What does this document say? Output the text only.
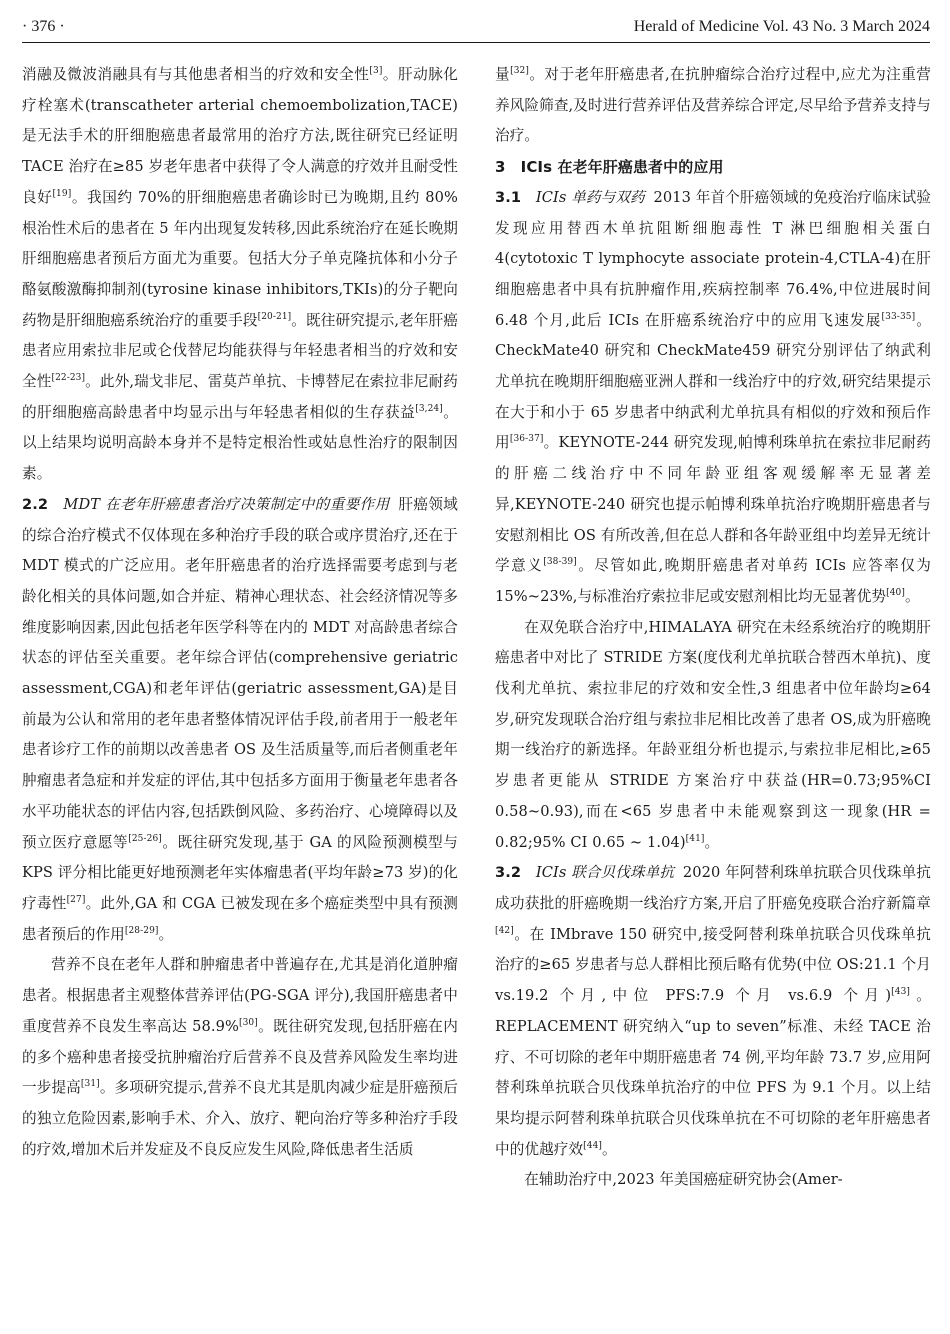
· 376 ·	Herald of Medicine Vol. 43 No. 3 March 2024

消融及微波消融具有与其他患者相当的疗效和安全性[3]。肝动脉化疗栓塞术(transcatheter arterial chemoembolization,TACE)是无法手术的肝细胞癌患者最常用的治疗方法,既往研究已经证明 TACE 治疗在≥85 岁老年患者中获得了令人满意的疗效并且耐受性良好[19]。我国约 70%的肝细胞癌患者确诊时已为晚期,且约 80%根治性术后的患者在 5 年内出现复发转移,因此系统治疗在延长晚期肝细胞癌患者预后方面尤为重要。包括大分子单克隆抗体和小分子酪氨酸激酶抑制剂(tyrosine kinase inhibitors,TKIs)的分子靶向药物是肝细胞癌系统治疗的重要手段[20-21]。既往研究提示,老年肝癌患者应用索拉非尼或仑伐替尼均能获得与年轻患者相当的疗效和安全性[22-23]。此外,瑞戈非尼、雷莫芦单抗、卡博替尼在索拉非尼耐药的肝细胞癌高龄患者中均显示出与年轻患者相似的生存获益[3,24]。以上结果均说明高龄本身并不是特定根治性或姑息性治疗的限制因素。

2.2　 MDT 在老年肝癌患者治疗决策制定中的重要作用 肝癌领域的综合治疗模式不仅体现在多种治疗手段的联合或序贯治疗,还在于 MDT 模式的广泛应用。老年肝癌患者的治疗选择需要考虑到与老龄化相关的具体问题,如合并症、精神心理状态、社会经济情况等多维度影响因素,因此包括老年医学科等在内的 MDT 对高龄患者综合状态的评估至关重要。老年综合评估(comprehensive geriatric assessment,CGA)和老年评估(geriatric assessment,GA)是目前最为公认和常用的老年患者整体情况评估手段,前者用于一般老年患者诊疗工作的前期以改善患者 OS 及生活质量等,而后者侧重老年肿瘤患者急症和并发症的评估,其中包括多方面用于衡量老年患者各水平功能状态的评估内容,包括跌倒风险、多药治疗、心境障碍以及预立医疗意愿等[25-26]。既往研究发现,基于 GA 的风险预测模型与 KPS 评分相比能更好地预测老年实体瘤患者(平均年龄≥73 岁)的化疗毒性[27]。此外,GA 和 CGA 已被发现在多个癌症类型中具有预测患者预后的作用[28-29]。

营养不良在老年人群和肿瘤患者中普遍存在,尤其是消化道肿瘤患者。根据患者主观整体营养评估(PG-SGA 评分),我国肝癌患者中重度营养不良发生率高达 58.9%[30]。既往研究发现,包括肝癌在内的多个癌种患者接受抗肿瘤治疗后营养不良及营养风险发生率均进一步提高[31]。多项研究提示,营养不良尤其是肌肉减少症是肝癌预后的独立危险因素,影响手术、介入、放疗、靶向治疗等多种治疗手段的疗效,增加术后并发症及不良反应发生风险,降低患者生活质

量[32]。对于老年肝癌患者,在抗肿瘤综合治疗过程中,应尤为注重营养风险筛查,及时进行营养评估及营养综合评定,尽早给予营养支持与治疗。

3　ICIs 在老年肝癌患者中的应用

3.1　 ICIs 单药与双药 2013 年首个肝癌领域的免疫治疗临床试验发现应用替西木单抗阻断细胞毒性 T 淋巴细胞相关蛋白 4(cytotoxic T lymphocyte associate protein-4,CTLA-4)在肝细胞癌患者中具有抗肿瘤作用,疾病控制率 76.4%,中位进展时间 6.48 个月,此后 ICIs 在肝癌系统治疗中的应用飞速发展[33-35]。CheckMate40 研究和 CheckMate459 研究分别评估了纳武利尤单抗在晚期肝细胞癌亚洲人群和一线治疗中的疗效,研究结果提示在大于和小于 65 岁患者中纳武利尤单抗具有相似的疗效和预后作用[36-37]。KEYNOTE-244 研究发现,帕博利珠单抗在索拉非尼耐药的肝癌二线治疗中不同年龄亚组客观缓解率无显著差异,KEYNOTE-240 研究也提示帕博利珠单抗治疗晚期肝癌患者与安慰剂相比 OS 有所改善,但在总人群和各年龄亚组中均差异无统计学意义[38-39]。尽管如此,晚期肝癌患者对单药 ICIs 应答率仅为 15%~23%,与标准治疗索拉非尼或安慰剂相比均无显著优势[40]。

在双免联合治疗中,HIMALAYA 研究在未经系统治疗的晚期肝癌患者中对比了 STRIDE 方案(度伐利尤单抗联合替西木单抗)、度伐利尤单抗、索拉非尼的疗效和安全性,3 组患者中位年龄均≥64 岁,研究发现联合治疗组与索拉非尼相比改善了患者 OS,成为肝癌晚期一线治疗的新选择。年龄亚组分析也提示,与索拉非尼相比,≥65 岁患者更能从 STRIDE 方案治疗中获益(HR=0.73;95%CI 0.58~0.93),而在<65 岁患者中未能观察到这一现象(HR = 0.82;95% CI 0.65 ~ 1.04)[41]。

3.2　 ICIs 联合贝伐珠单抗 2020 年阿替利珠单抗联合贝伐珠单抗成功获批的肝癌晚期一线治疗方案,开启了肝癌免疫联合治疗新篇章[42]。在 IMbrave 150 研究中,接受阿替利珠单抗联合贝伐珠单抗治疗的≥65 岁患者与总人群相比预后略有优势(中位 OS:21.1 个月 vs.19.2 个月,中位 PFS:7.9 个月 vs.6.9 个月)[43]。REPLACEMENT 研究纳入“up to seven”标准、未经 TACE 治疗、不可切除的老年中期肝癌患者 74 例,平均年龄 73.7 岁,应用阿替利珠单抗联合贝伐珠单抗治疗的中位 PFS 为 9.1 个月。以上结果均提示阿替利珠单抗联合贝伐珠单抗在不可切除的老年肝癌患者中的优越疗效[44]。

在辅助治疗中,2023 年美国癌症研究协会(Amer-
